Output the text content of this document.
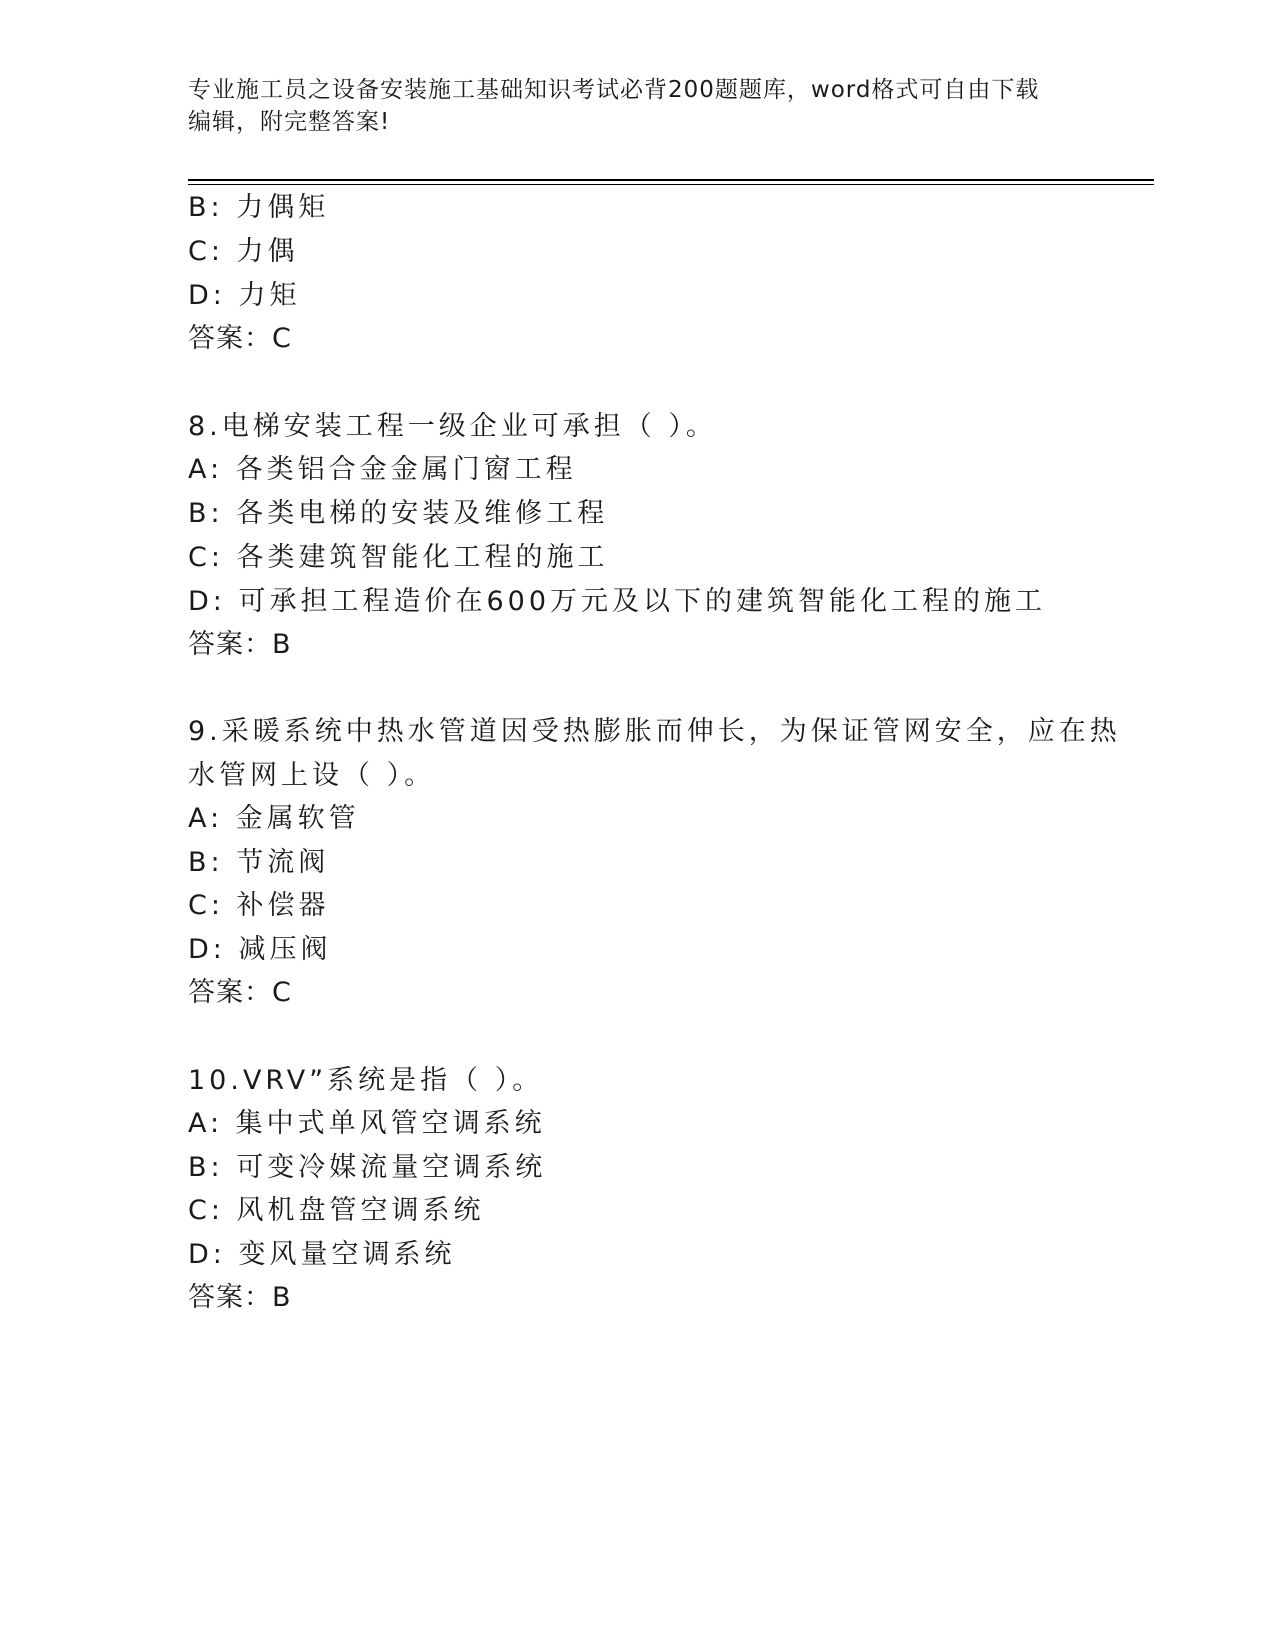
专业施工员之设备安装施工基础知识考试必背200题题库，word格式可自由下载
编辑，附完整答案!
B: 力偶矩
C: 力偶
D: 力矩
答案：C
8.电梯安装工程一级企业可承担（ ）。
A: 各类铝合金金属门窗工程
B: 各类电梯的安装及维修工程
C: 各类建筑智能化工程的施工
D: 可承担工程造价在600万元及以下的建筑智能化工程的施工
答案：B
9.采暖系统中热水管道因受热膨胀而伸长，为保证管网安全，应在热
水管网上设（ ）。
A: 金属软管
B: 节流阀
C: 补偿器
D: 减压阀
答案：C
10.VRV”系统是指（ ）。
A: 集中式单风管空调系统
B: 可变冷媒流量空调系统
C: 风机盘管空调系统
D: 变风量空调系统
答案：B
